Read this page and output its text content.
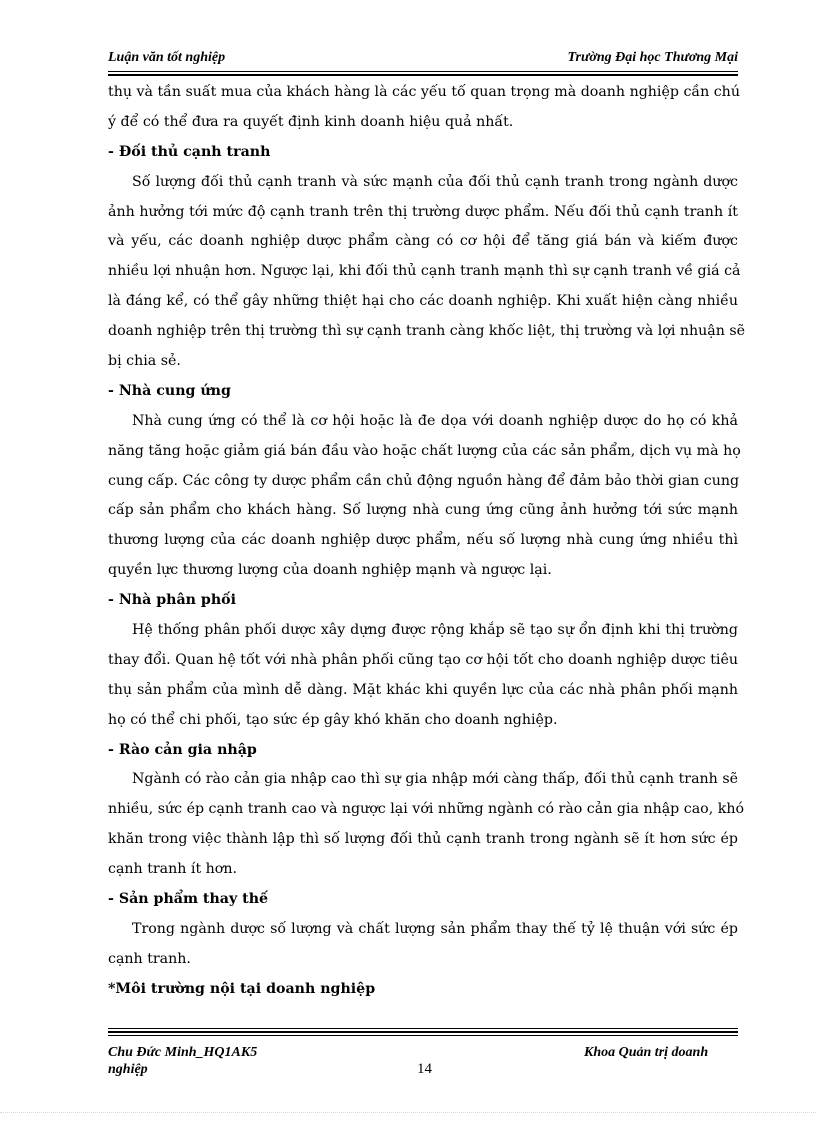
Luận văn tốt nghiệp	Trường Đại học Thương Mại
thụ và tần suất mua của khách hàng là các yếu tố quan trọng mà doanh nghiệp cần chú
ý để có thể đưa ra quyết định kinh doanh hiệu quả nhất.
- Đối thủ cạnh tranh
Số lượng đối thủ cạnh tranh và sức mạnh của đối thủ cạnh tranh trong ngành dược
ảnh hưởng tới mức độ cạnh tranh trên thị trường dược phẩm. Nếu đối thủ cạnh tranh ít
và yếu, các doanh nghiệp dược phẩm càng có cơ hội để tăng giá bán và kiếm được
nhiều lợi nhuận hơn. Ngược lại, khi đối thủ cạnh tranh mạnh thì sự cạnh tranh về giá cả
là đáng kể, có thể gây những thiệt hại cho các doanh nghiệp. Khi xuất hiện càng nhiều
doanh nghiệp trên thị trường thì sự cạnh tranh càng khốc liệt, thị trường và lợi nhuận sẽ
bị chia sẻ.
- Nhà cung ứng
Nhà cung ứng có thể là cơ hội hoặc là đe dọa với doanh nghiệp dược do họ có khả
năng tăng hoặc giảm giá bán đầu vào hoặc chất lượng của các sản phẩm, dịch vụ mà họ
cung cấp. Các công ty dược phẩm cần chủ động nguồn hàng để đảm bảo thời gian cung
cấp sản phẩm cho khách hàng. Số lượng nhà cung ứng cũng ảnh hưởng tới sức mạnh
thương lượng của các doanh nghiệp dược phẩm, nếu số lượng nhà cung ứng nhiều thì
quyền lực thương lượng của doanh nghiệp mạnh và ngược lại.
- Nhà phân phối
Hệ thống phân phối dược xây dựng được rộng khắp sẽ tạo sự ổn định khi thị trường
thay đổi. Quan hệ tốt với nhà phân phối cũng tạo cơ hội tốt cho doanh nghiệp dược tiêu
thụ sản phẩm của mình dễ dàng. Mặt khác khi quyền lực của các nhà phân phối mạnh
họ có thể chi phối, tạo sức ép gây khó khăn cho doanh nghiệp.
- Rào cản gia nhập
Ngành có rào cản gia nhập cao thì sự gia nhập mới càng thấp, đối thủ cạnh tranh sẽ
nhiều, sức ép cạnh tranh cao và ngược lại với những ngành có rào cản gia nhập cao, khó
khăn trong việc thành lập thì số lượng đối thủ cạnh tranh trong ngành sẽ ít hơn sức ép
cạnh tranh ít hơn.
- Sản phẩm thay thế
Trong ngành dược số lượng và chất lượng sản phẩm thay thế tỷ lệ thuận với sức ép
cạnh tranh.
*Môi trường nội tại doanh nghiệp
Chu Đức Minh_HQ1AK5
nghiệp
Khoa Quản trị doanh
14
